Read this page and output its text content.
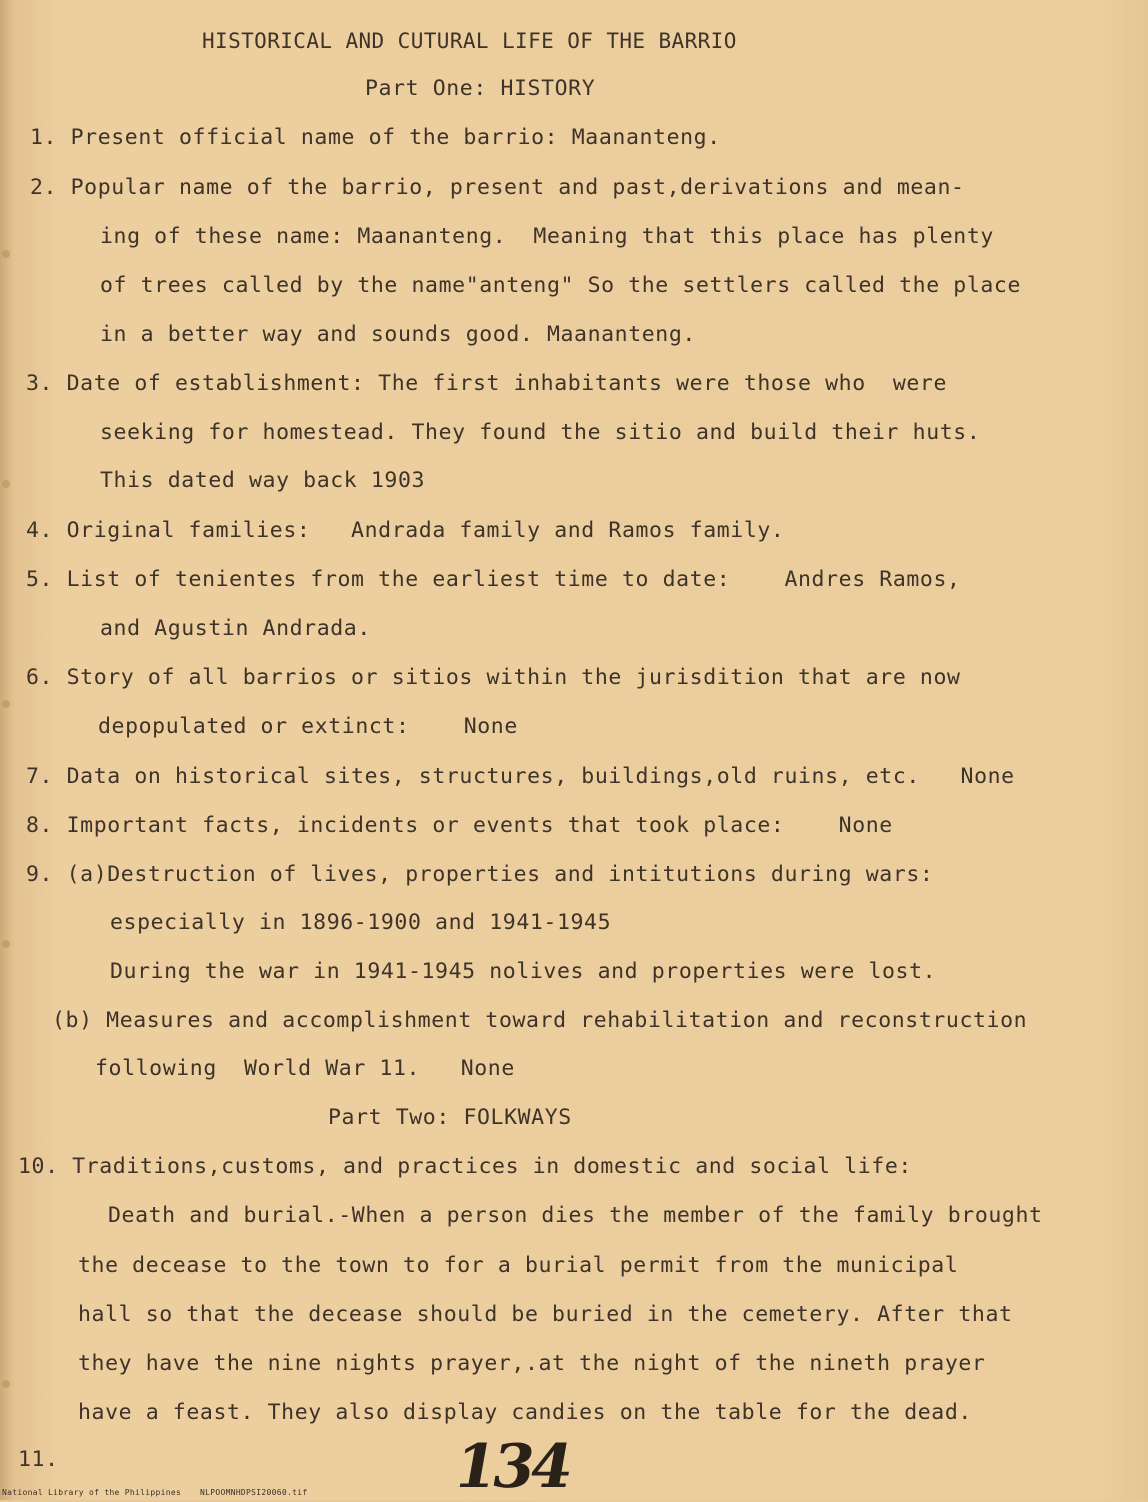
HISTORICAL AND CUTURAL LIFE OF THE BARRIO
Part One: HISTORY
1. Present official name of the barrio: Maananteng.
2. Popular name of the barrio, present and past,derivations and mean-
ing of these name: Maananteng.  Meaning that this place has plenty
of trees called by the name"anteng" So the settlers called the place
in a better way and sounds good. Maananteng.
3. Date of establishment: The first inhabitants were those who  were
seeking for homestead. They found the sitio and build their huts.
This dated way back 1903
4. Original families:   Andrada family and Ramos family.
5. List of tenientes from the earliest time to date:    Andres Ramos,
and Agustin Andrada.
6. Story of all barrios or sitios within the jurisdition that are now
depopulated or extinct:    None
7. Data on historical sites, structures, buildings,old ruins, etc.   None
8. Important facts, incidents or events that took place:    None
9. (a)Destruction of lives, properties and intitutions during wars:
especially in 1896-1900 and 1941-1945
During the war in 1941-1945 nolives and properties were lost.
(b) Measures and accomplishment toward rehabilitation and reconstruction
following  World War 11.   None
Part Two: FOLKWAYS
10. Traditions,customs, and practices in domestic and social life:
Death and burial.-When a person dies the member of the family brought
the decease to the town to for a burial permit from the municipal
hall so that the decease should be buried in the cemetery. After that
they have the nine nights prayer,.at the night of the nineth prayer
have a feast. They also display candies on the table for the dead.
11.	134
National Library of the Philippines NLPOOMNHDPSI20060.tif
